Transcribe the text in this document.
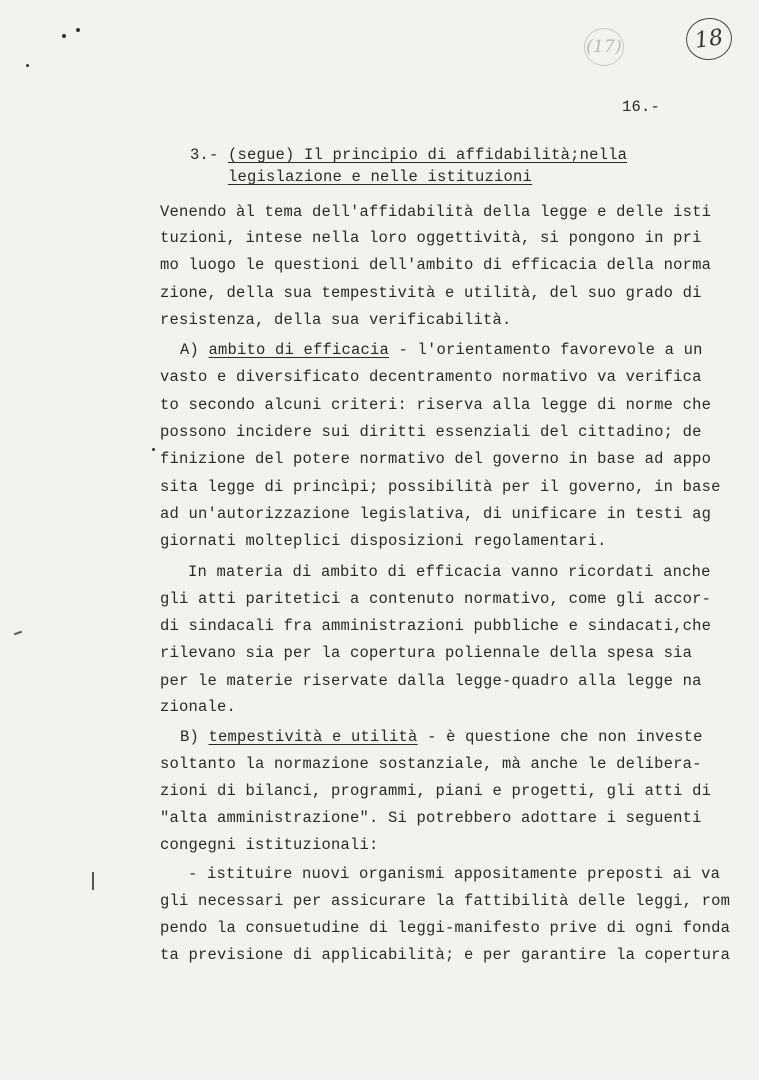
(17)	18
16.-
3.- (segue) Il principio di affidabilità;nella
legislazione e nelle istituzioni
Venendo àl tema dell'affidabilità della legge e delle isti
tuzioni, intese nella loro oggettività, si pongono in pri
mo luogo le questioni dell'ambito di efficacia della norma
zione, della sua tempestività e utilità, del suo grado di
resistenza, della sua verificabilità.
A) ambito di efficacia - l'orientamento favorevole a un
vasto e diversificato decentramento normativo va verifica
to secondo alcuni criteri: riserva alla legge di norme che
possono incidere sui diritti essenziali del cittadino; de
finizione del potere normativo del governo in base ad appo
sita legge di princìpi; possibilità per il governo, in base
ad un'autorizzazione legislativa, di unificare in testi ag
giornati molteplici disposizioni regolamentari.
In materia di ambito di efficacia vanno ricordati anche
gli atti paritetici a contenuto normativo, come gli accor-
di sindacali fra amministrazioni pubbliche e sindacati,che
rilevano sia per la copertura poliennale della spesa sia
per le materie riservate dalla legge-quadro alla legge na
zionale.
B) tempestività e utilità - è questione che non investe
soltanto la normazione sostanziale, mà anche le delibera-
zioni di bilanci, programmi, piani e progetti, gli atti di
"alta amministrazione". Si potrebbero adottare i seguenti
congegni istituzionali:
- istituire nuovi organismi appositamente preposti ai va
gli necessari per assicurare la fattibilità delle leggi, rom
pendo la consuetudine di leggi-manifesto prive di ogni fonda
ta previsione di applicabilità; e per garantire la copertura
